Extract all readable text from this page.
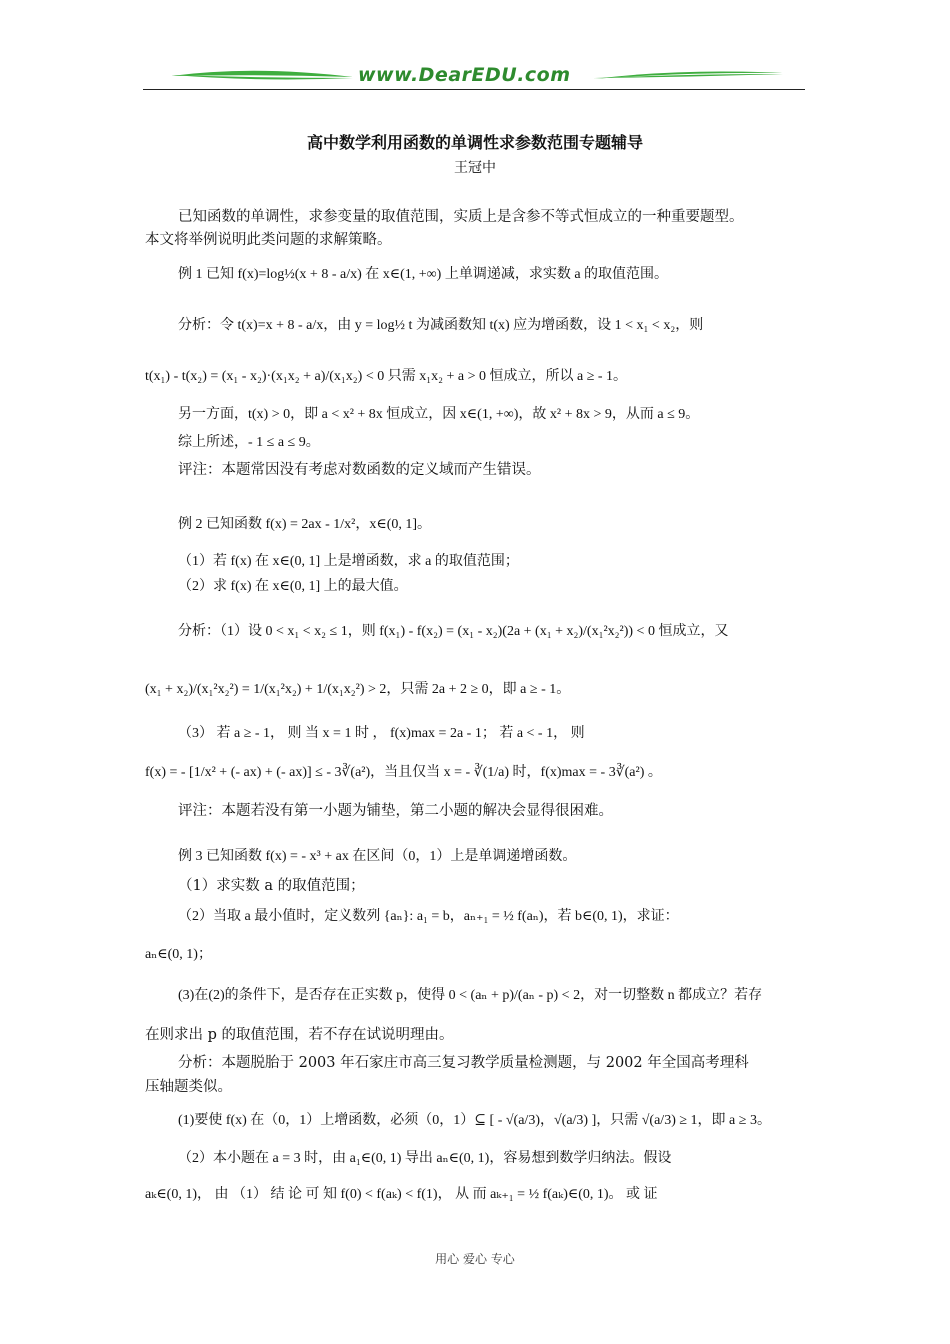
www.DearEDU.com
高中数学利用函数的单调性求参数范围专题辅导
王冠中
已知函数的单调性，求参变量的取值范围，实质上是含参不等式恒成立的一种重要题型。
本文将举例说明此类问题的求解策略。
例 1 已知 f(x)=log½(x + 8 - a/x) 在 x∈(1, +∞) 上单调递减，求实数 a 的取值范围。
分析：令 t(x)=x + 8 - a/x，由 y = log½ t 为减函数知 t(x) 应为增函数，设 1 < x₁ < x₂，则
t(x₁) - t(x₂) = (x₁ - x₂)·(x₁x₂ + a)/(x₁x₂) < 0 只需 x₁x₂ + a > 0 恒成立，所以 a ≥ - 1。
另一方面，t(x) > 0，即 a < x² + 8x 恒成立，因 x∈(1, +∞)，故 x² + 8x > 9，从而 a ≤ 9。
综上所述，- 1 ≤ a ≤ 9。
评注：本题常因没有考虑对数函数的定义域而产生错误。
例 2 已知函数 f(x) = 2ax - 1/x²，x∈(0, 1]。
（1）若 f(x) 在 x∈(0, 1] 上是增函数，求 a 的取值范围；
（2）求 f(x) 在 x∈(0, 1] 上的最大值。
分析：（1）设 0 < x₁ < x₂ ≤ 1，则 f(x₁) - f(x₂) = (x₁ - x₂)(2a + (x₁ + x₂)/(x₁²x₂²)) < 0 恒成立，又
(x₁ + x₂)/(x₁²x₂²) = 1/(x₁²x₂) + 1/(x₁x₂²) > 2，只需 2a + 2 ≥ 0，即 a ≥ - 1。
（3） 若 a ≥ - 1， 则 当 x = 1 时 ， f(x)max = 2a - 1； 若 a < - 1， 则
f(x) = - [1/x² + (- ax) + (- ax)] ≤ - 3∛(a²)，当且仅当 x = - ∛(1/a) 时，f(x)max = - 3∛(a²) 。
评注：本题若没有第一小题为铺垫，第二小题的解决会显得很困难。
例 3 已知函数 f(x) = - x³ + ax 在区间（0，1）上是单调递增函数。
（1）求实数 a 的取值范围；
（2）当取 a 最小值时，定义数列 {aₙ}: a₁ = b，aₙ₊₁ = ½ f(aₙ)，若 b∈(0, 1)，求证：
aₙ∈(0, 1)；
(3)在(2)的条件下，是否存在正实数 p，使得 0 < (aₙ + p)/(aₙ - p) < 2，对一切整数 n 都成立？若存
在则求出 p 的取值范围，若不存在试说明理由。
分析：本题脱胎于 2003 年石家庄市高三复习教学质量检测题，与 2002 年全国高考理科
压轴题类似。
(1)要使 f(x) 在（0，1）上增函数，必须（0，1）⊆ [ - √(a/3)，√(a/3) ]，只需 √(a/3) ≥ 1，即 a ≥ 3。
（2）本小题在 a = 3 时，由 a₁∈(0, 1) 导出 aₙ∈(0, 1)，容易想到数学归纳法。假设
aₖ∈(0, 1)， 由 （1） 结 论 可 知 f(0) < f(aₖ) < f(1)， 从 而 aₖ₊₁ = ½ f(aₖ)∈(0, 1)。 或 证
用心 爱心 专心
